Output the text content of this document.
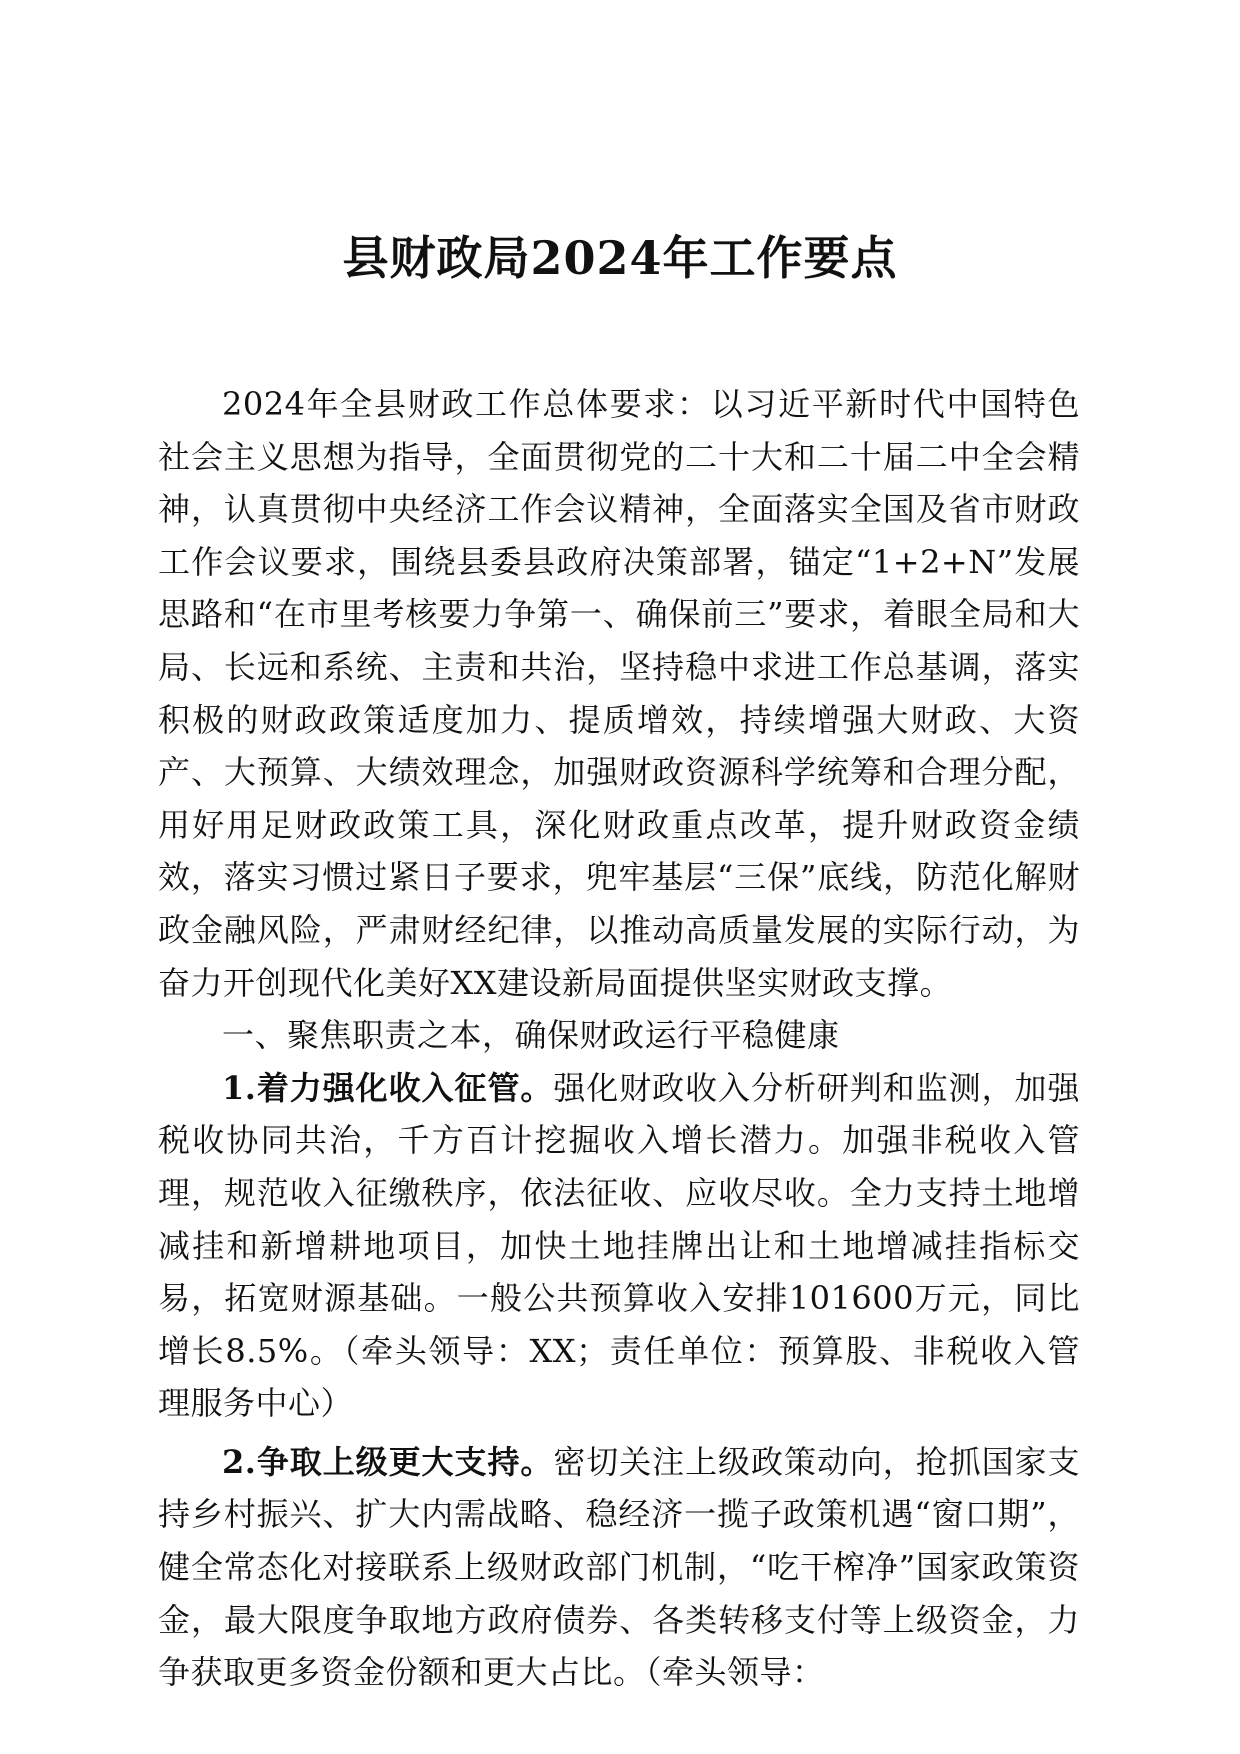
县财政局2024年工作要点

2024年全县财政工作总体要求：以习近平新时代中国特色社会主义思想为指导，全面贯彻党的二十大和二十届二中全会精神，认真贯彻中央经济工作会议精神，全面落实全国及省市财政工作会议要求，围绕县委县政府决策部署，锚定“1+2+N”发展思路和“在市里考核要力争第一、确保前三”要求，着眼全局和大局、长远和系统、主责和共治，坚持稳中求进工作总基调，落实积极的财政政策适度加力、提质增效，持续增强大财政、大资产、大预算、大绩效理念，加强财政资源科学统筹和合理分配，用好用足财政政策工具，深化财政重点改革，提升财政资金绩效，落实习惯过紧日子要求，兜牢基层“三保”底线，防范化解财政金融风险，严肃财经纪律，以推动高质量发展的实际行动，为奋力开创现代化美好XX建设新局面提供坚实财政支撑。

一、聚焦职责之本，确保财政运行平稳健康

1.着力强化收入征管。强化财政收入分析研判和监测，加强税收协同共治，千方百计挖掘收入增长潜力。加强非税收入管理，规范收入征缴秩序，依法征收、应收尽收。全力支持土地增减挂和新增耕地项目，加快土地挂牌出让和土地增减挂指标交易，拓宽财源基础。一般公共预算收入安排101600万元，同比增长8.5%。（牵头领导：XX；责任单位：预算股、非税收入管理服务中心）

2.争取上级更大支持。密切关注上级政策动向，抢抓国家支持乡村振兴、扩大内需战略、稳经济一揽子政策机遇“窗口期”，健全常态化对接联系上级财政部门机制，“吃干榨净”国家政策资金，最大限度争取地方政府债券、各类转移支付等上级资金，力争获取更多资金份额和更大占比。（牵头领导：
